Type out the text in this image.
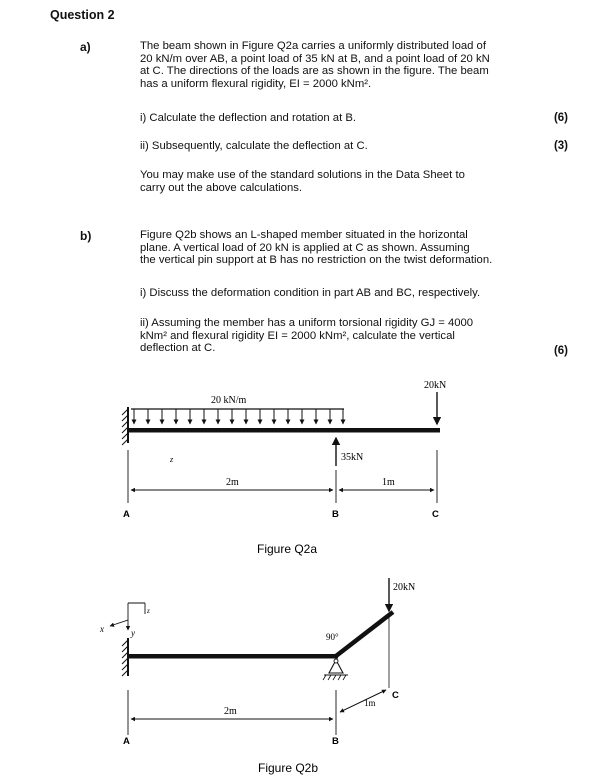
Question 2
a)	The beam shown in Figure Q2a carries a uniformly distributed load of
20 kN/m over AB, a point load of 35 kN at B, and a point load of 20 kN
at C. The directions of the loads are as shown in the figure. The beam
has a uniform flexural rigidity, EI = 2000 kNm².
i) Calculate the deflection and rotation at B.	(6)
ii) Subsequently, calculate the deflection at C.	(3)
You may make use of the standard solutions in the Data Sheet to
carry out the above calculations.
b)	Figure Q2b shows an L-shaped member situated in the horizontal
plane. A vertical load of 20 kN is applied at C as shown. Assuming
the vertical pin support at B has no restriction on the twist deformation.
i) Discuss the deformation condition in part AB and BC, respectively.
ii) Assuming the member has a uniform torsional rigidity GJ = 4000
kNm² and flexural rigidity EI = 2000 kNm², calculate the vertical
deflection at C.	(6)
20 kN/m
20kN
35kN
z
2m	1m
A	B	C
Figure Q2a
x	y
z
90°
20kN
2m
1m
A	B
C
Figure Q2b
